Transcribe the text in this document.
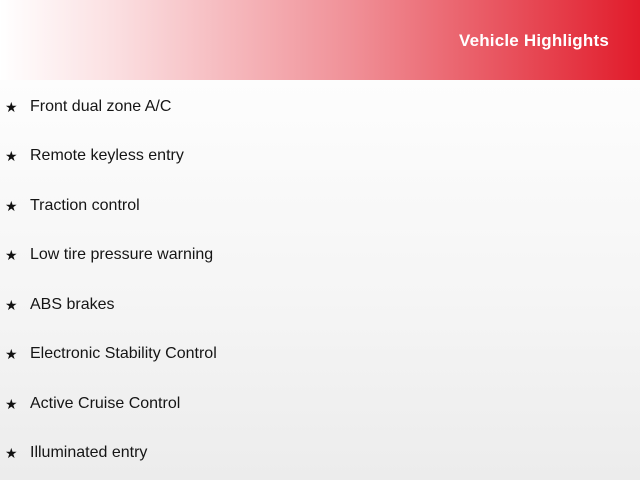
Vehicle Highlights
★ Front dual zone A/C
★ Remote keyless entry
★ Traction control
★ Low tire pressure warning
★ ABS brakes
★ Electronic Stability Control
★ Active Cruise Control
★ Illuminated entry
